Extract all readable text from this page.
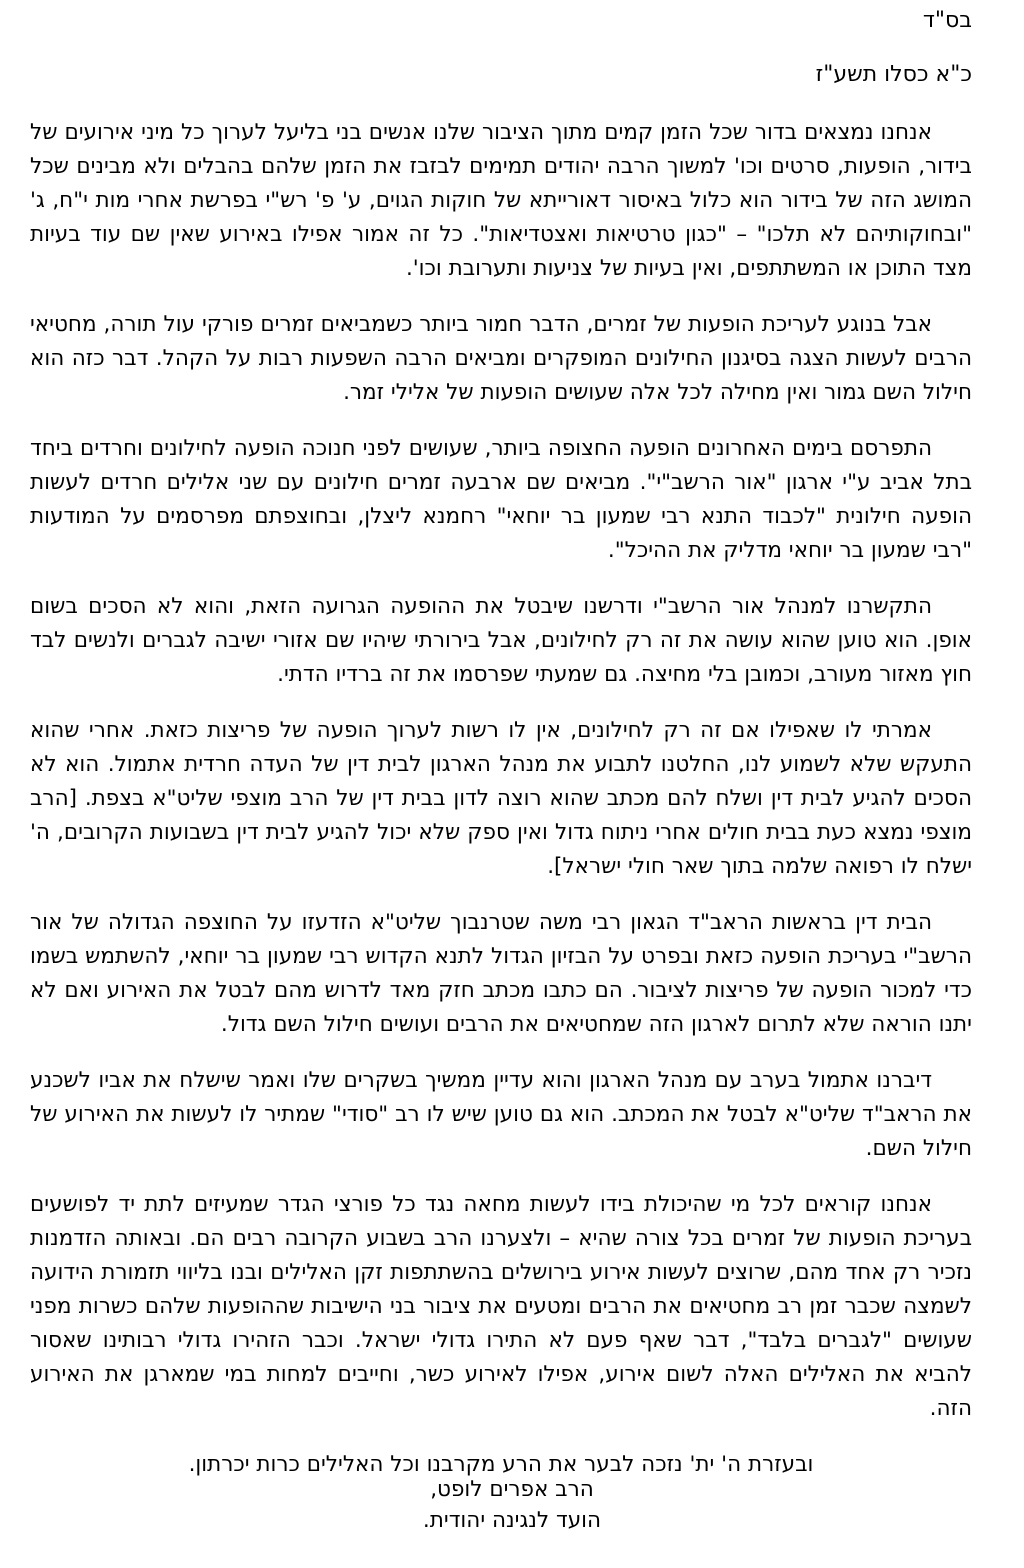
בס"ד
כ"א כסלו תשע"ז

אנחנו נמצאים בדור שכל הזמן קמים מתוך הציבור שלנו אנשים בני בליעל לערוך כל מיני אירועים של בידור, הופעות, סרטים וכו' למשוך הרבה יהודים תמימים לבזבז את הזמן שלהם בהבלים ולא מבינים שכל המושג הזה של בידור הוא כלול באיסור דאורייתא של חוקות הגוים, ע' פ' רש"י בפרשת אחרי מות י"ח, ג' "ובחוקותיהם לא תלכו" – "כגון טרטיאות ואצטדיאות". כל זה אמור אפילו באירוע שאין שם עוד בעיות מצד התוכן או המשתתפים, ואין בעיות של צניעות ותערובת וכו'.

אבל בנוגע לעריכת הופעות של זמרים, הדבר חמור ביותר כשמביאים זמרים פורקי עול תורה, מחטיאי הרבים לעשות הצגה בסיגנון החילונים המופקרים ומביאים הרבה השפעות רבות על הקהל. דבר כזה הוא חילול השם גמור ואין מחילה לכל אלה שעושים הופעות של אלילי זמר.

התפרסם בימים האחרונים הופעה החצופה ביותר, שעושים לפני חנוכה הופעה לחילונים וחרדים ביחד בתל אביב ע"י ארגון "אור הרשב"י". מביאים שם ארבעה זמרים חילונים עם שני אלילים חרדים לעשות הופעה חילונית "לכבוד התנא רבי שמעון בר יוחאי" רחמנא ליצלן, ובחוצפתם מפרסמים על המודעות "רבי שמעון בר יוחאי מדליק את ההיכל".

התקשרנו למנהל אור הרשב"י ודרשנו שיבטל את ההופעה הגרועה הזאת, והוא לא הסכים בשום אופן. הוא טוען שהוא עושה את זה רק לחילונים, אבל בירורתי שיהיו שם אזורי ישיבה לגברים ולנשים לבד חוץ מאזור מעורב, וכמובן בלי מחיצה. גם שמעתי שפרסמו את זה ברדיו הדתי.

אמרתי לו שאפילו אם זה רק לחילונים, אין לו רשות לערוך הופעה של פריצות כזאת. אחרי שהוא התעקש שלא לשמוע לנו, החלטנו לתבוע את מנהל הארגון לבית דין של העדה חרדית אתמול. הוא לא הסכים להגיע לבית דין ושלח להם מכתב שהוא רוצה לדון בבית דין של הרב מוצפי שליט"א בצפת. [הרב מוצפי נמצא כעת בבית חולים אחרי ניתוח גדול ואין ספק שלא יכול להגיע לבית דין בשבועות הקרובים, ה' ישלח לו רפואה שלמה בתוך שאר חולי ישראל].

הבית דין בראשות הראב"ד הגאון רבי משה שטרנבוך שליט"א הזדעזו על החוצפה הגדולה של אור הרשב"י בעריכת הופעה כזאת ובפרט על הבזיון הגדול לתנא הקדוש רבי שמעון בר יוחאי, להשתמש בשמו כדי למכור הופעה של פריצות לציבור. הם כתבו מכתב חזק מאד לדרוש מהם לבטל את האירוע ואם לא יתנו הוראה שלא לתרום לארגון הזה שמחטיאים את הרבים ועושים חילול השם גדול.

דיברנו אתמול בערב עם מנהל הארגון והוא עדיין ממשיך בשקרים שלו ואמר שישלח את אביו לשכנע את הראב"ד שליט"א לבטל את המכתב. הוא גם טוען שיש לו רב "סודי" שמתיר לו לעשות את האירוע של חילול השם.

אנחנו קוראים לכל מי שהיכולת בידו לעשות מחאה נגד כל פורצי הגדר שמעיזים לתת יד לפושעים בעריכת הופעות של זמרים בכל צורה שהיא – ולצערנו הרב בשבוע הקרובה רבים הם. ובאותה הזדמנות נזכיר רק אחד מהם, שרוצים לעשות אירוע בירושלים בהשתתפות זקן האלילים ובנו בליווי תזמורת הידועה לשמצה שכבר זמן רב מחטיאים את הרבים ומטעים את ציבור בני הישיבות שההופעות שלהם כשרות מפני שעושים "לגברים בלבד", דבר שאף פעם לא התירו גדולי ישראל. וכבר הזהירו גדולי רבותינו שאסור להביא את האלילים האלה לשום אירוע, אפילו לאירוע כשר, וחייבים למחות במי שמארגן את האירוע הזה.

ובעזרת ה' ית' נזכה לבער את הרע מקרבנו וכל האלילים כרות יכרתון.

הרב אפרים לופט,
הועד לנגינה יהודית.
